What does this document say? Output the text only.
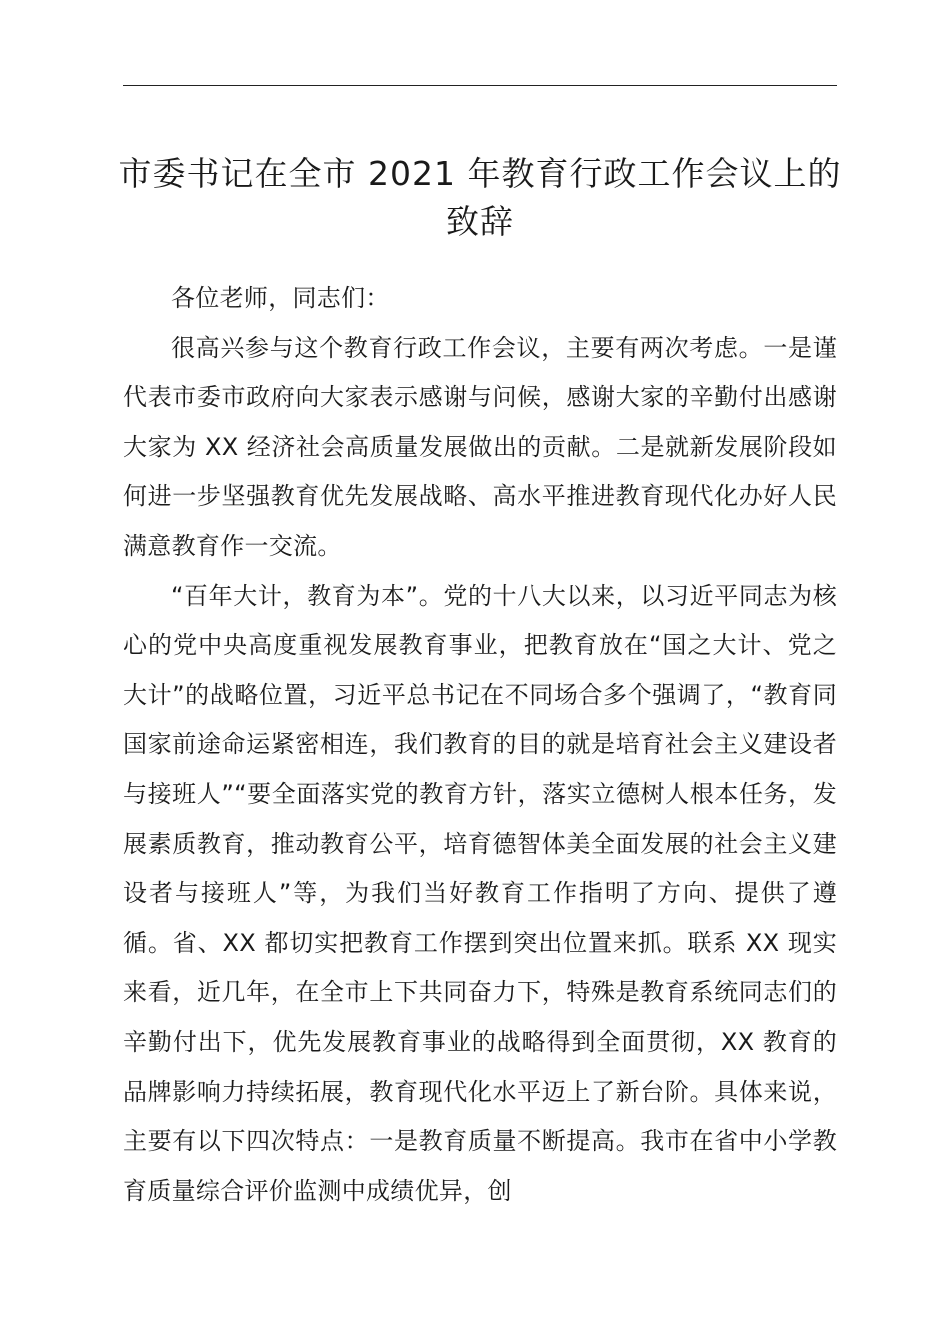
市委书记在全市 2021 年教育行政工作会议上的致辞

各位老师，同志们：

很高兴参与这个教育行政工作会议，主要有两次考虑。一是谨代表市委市政府向大家表示感谢与问候，感谢大家的辛勤付出感谢大家为 XX 经济社会高质量发展做出的贡献。二是就新发展阶段如何进一步坚强教育优先发展战略、高水平推进教育现代化办好人民满意教育作一交流。

“百年大计，教育为本”。党的十八大以来，以习近平同志为核心的党中央高度重视发展教育事业，把教育放在“国之大计、党之大计”的战略位置，习近平总书记在不同场合多个强调了，“教育同国家前途命运紧密相连，我们教育的目的就是培育社会主义建设者与接班人”“要全面落实党的教育方针，落实立德树人根本任务，发展素质教育，推动教育公平，培育德智体美全面发展的社会主义建设者与接班人”等，为我们当好教育工作指明了方向、提供了遵循。省、XX 都切实把教育工作摆到突出位置来抓。联系 XX 现实来看，近几年，在全市上下共同奋力下，特殊是教育系统同志们的辛勤付出下，优先发展教育事业的战略得到全面贯彻，XX 教育的品牌影响力持续拓展，教育现代化水平迈上了新台阶。具体来说，主要有以下四次特点：一是教育质量不断提高。我市在省中小学教育质量综合评价监测中成绩优异，创
